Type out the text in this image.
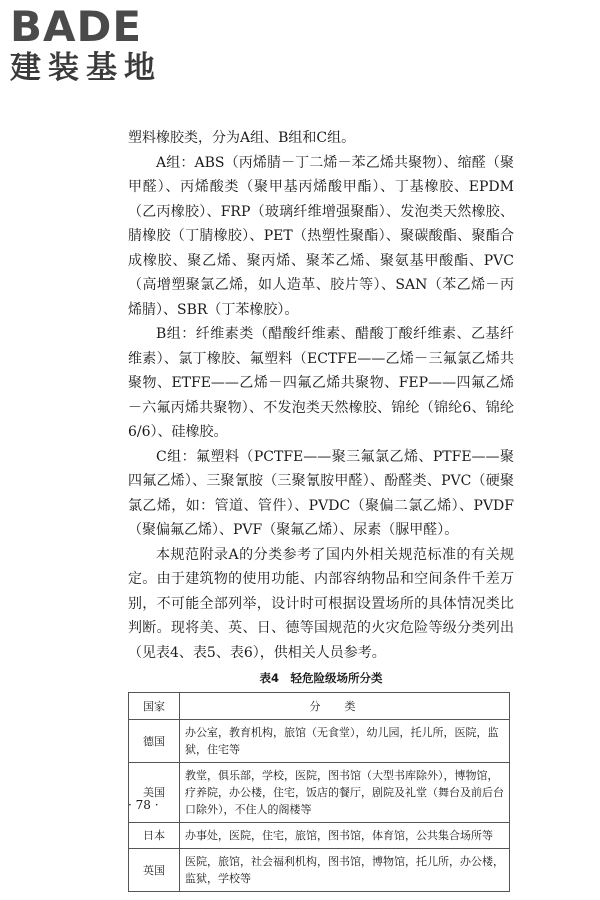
BADE
建装基地

塑料橡胶类，分为A组、B组和C组。

A组：ABS（丙烯腈－丁二烯－苯乙烯共聚物）、缩醛（聚甲醛）、丙烯酸类（聚甲基丙烯酸甲酯）、丁基橡胶、EPDM（乙丙橡胶）、FRP（玻璃纤维增强聚酯）、发泡类天然橡胶、腈橡胶（丁腈橡胶）、PET（热塑性聚酯）、聚碳酸酯、聚酯合成橡胶、聚乙烯、聚丙烯、聚苯乙烯、聚氨基甲酸酯、PVC（高增塑聚氯乙烯，如人造革、胶片等）、SAN（苯乙烯－丙烯腈）、SBR（丁苯橡胶）。

B组：纤维素类（醋酸纤维素、醋酸丁酸纤维素、乙基纤维素）、氯丁橡胶、氟塑料（ECTFE——乙烯－三氟氯乙烯共聚物、ETFE——乙烯－四氟乙烯共聚物、FEP——四氟乙烯－六氟丙烯共聚物）、不发泡类天然橡胶、锦纶（锦纶6、锦纶6/6）、硅橡胶。

C组：氟塑料（PCTFE——聚三氟氯乙烯、PTFE——聚四氟乙烯）、三聚氰胺（三聚氰胺甲醛）、酚醛类、PVC（硬聚氯乙烯，如：管道、管件）、PVDC（聚偏二氯乙烯）、PVDF（聚偏氟乙烯）、PVF（聚氟乙烯）、尿素（脲甲醛）。

本规范附录A的分类参考了国内外相关规范标准的有关规定。由于建筑物的使用功能、内部容纳物品和空间条件千差万别，不可能全部列举，设计时可根据设置场所的具体情况类比判断。现将美、英、日、德等国规范的火灾危险等级分类列出（见表4、表5、表6），供相关人员参考。

表4　轻危险级场所分类
国家	分类
德国	办公室，教育机构，旅馆（无食堂），幼儿园，托儿所，医院，监狱，住宅等
美国	教堂，俱乐部，学校，医院，图书馆（大型书库除外），博物馆，疗养院，办公楼，住宅，饭店的餐厅，剧院及礼堂（舞台及前后台口除外），不住人的阁楼等
日本	办事处，医院，住宅，旅馆，图书馆，体育馆，公共集合场所等
英国	医院，旅馆，社会福利机构，图书馆，博物馆，托儿所，办公楼，监狱，学校等
· 78 ·
